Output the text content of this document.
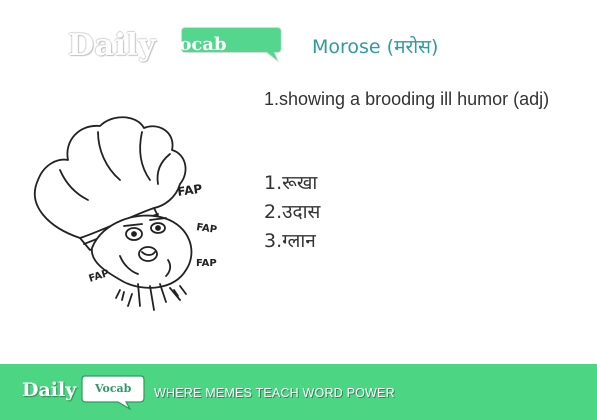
Daily Vocab	Morose (मरोस)
1.showing a brooding ill humor (adj)
1.रूखा
2.उदास
3.ग्लान
FAP
FAP
FAP
FAP
Daily Vocab WHERE MEMES TEACH WORD POWER
